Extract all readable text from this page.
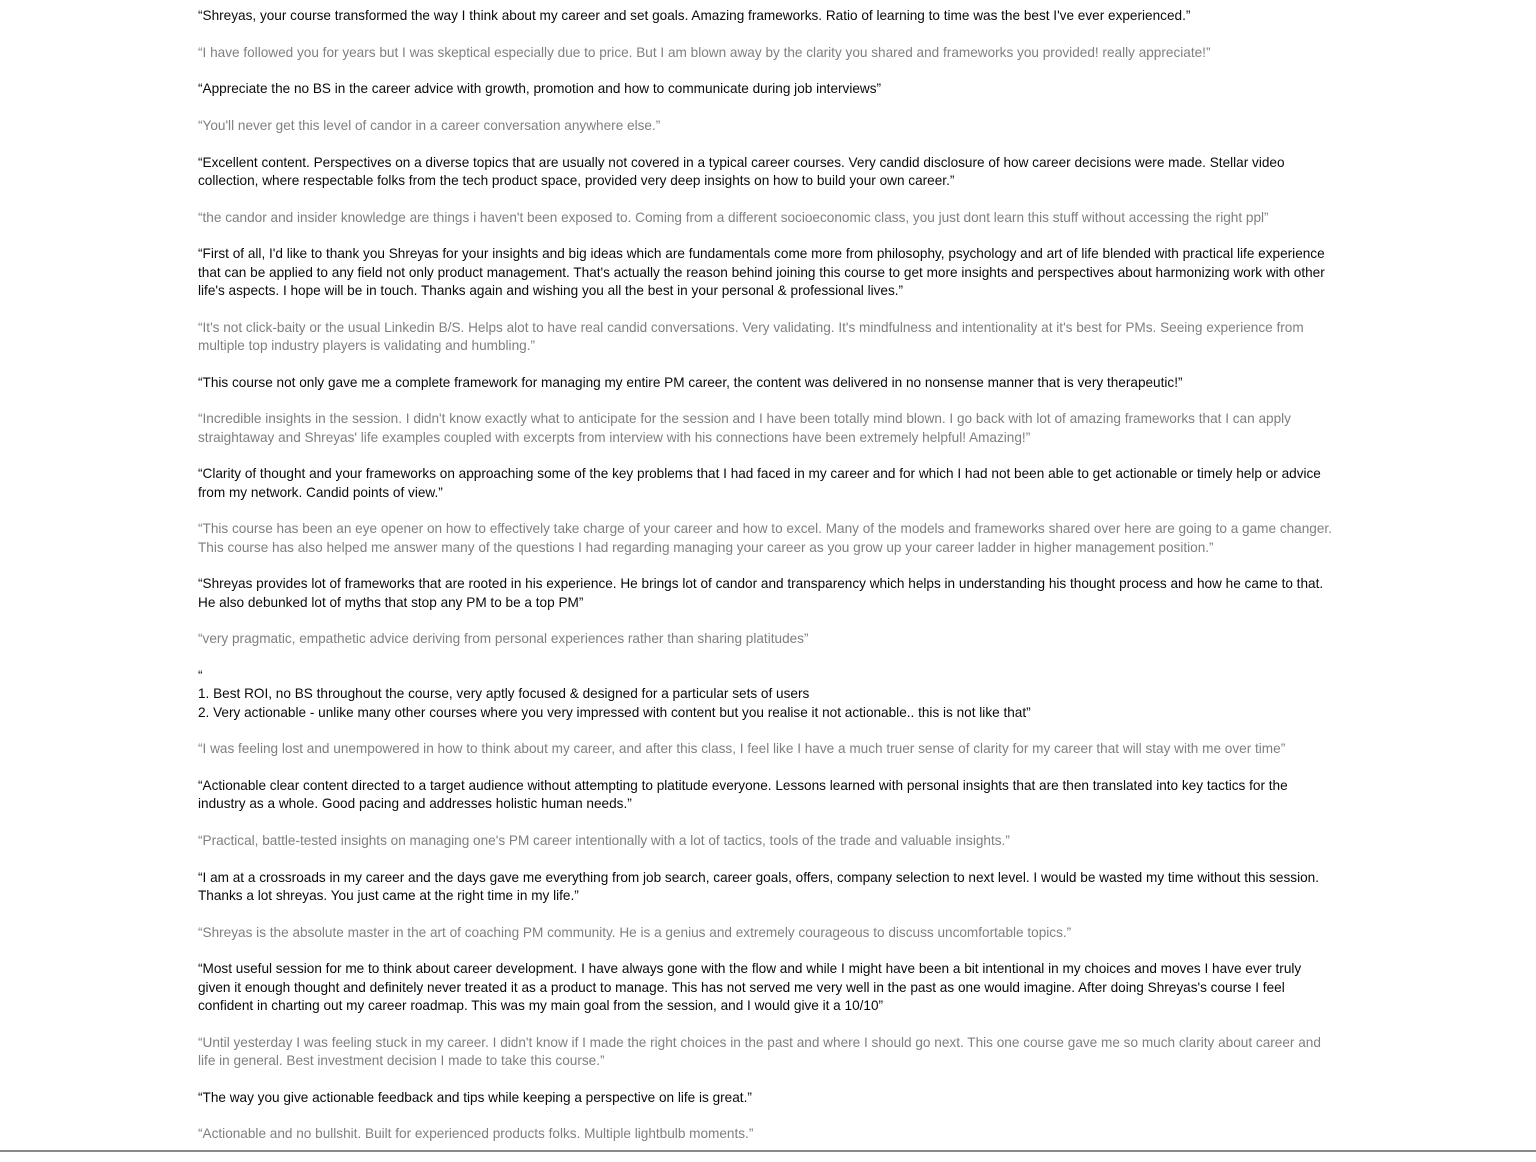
“Shreyas, your course transformed the way I think about my career and set goals. Amazing frameworks. Ratio of learning to time was the best I've ever experienced.”

“I have followed you for years but I was skeptical especially due to price. But I am blown away by the clarity you shared and frameworks you provided! really appreciate!”

“Appreciate the no BS in the career advice with growth, promotion and how to communicate during job interviews”

“You'll never get this level of candor in a career conversation anywhere else.”

“Excellent content. Perspectives on a diverse topics that are usually not covered in a typical career courses. Very candid disclosure of how career decisions were made. Stellar video collection, where respectable folks from the tech product space, provided very deep insights on how to build your own career.”

“the candor and insider knowledge are things i haven't been exposed to. Coming from a different socioeconomic class, you just dont learn this stuff without accessing the right ppl”

“First of all, I'd like to thank you Shreyas for your insights and big ideas which are fundamentals come more from philosophy, psychology and art of life blended with practical life experience that can be applied to any field not only product management. That's actually the reason behind joining this course to get more insights and perspectives about harmonizing work with other life's aspects. I hope will be in touch. Thanks again and wishing you all the best in your personal & professional lives.”

“It's not click-baity or the usual Linkedin B/S. Helps alot to have real candid conversations. Very validating. It's mindfulness and intentionality at it's best for PMs. Seeing experience from multiple top industry players is validating and humbling.”

“This course not only gave me a complete framework for managing my entire PM career, the content was delivered in no nonsense manner that is very therapeutic!”

“Incredible insights in the session. I didn't know exactly what to anticipate for the session and I have been totally mind blown. I go back with lot of amazing frameworks that I can apply straightaway and Shreyas' life examples coupled with excerpts from interview with his connections have been extremely helpful! Amazing!”

“Clarity of thought and your frameworks on approaching some of the key problems that I had faced in my career and for which I had not been able to get actionable or timely help or advice from my network. Candid points of view.”

“This course has been an eye opener on how to effectively take charge of your career and how to excel. Many of the models and frameworks shared over here are going to a game changer. This course has also helped me answer many of the questions I had regarding managing your career as you grow up your career ladder in higher management position.”

“Shreyas provides lot of frameworks that are rooted in his experience. He brings lot of candor and transparency which helps in understanding his thought process and how he came to that. He also debunked lot of myths that stop any PM to be a top PM”

“very pragmatic, empathetic advice deriving from personal experiences rather than sharing platitudes”

“
1. Best ROI, no BS throughout the course, very aptly focused & designed for a particular sets of users
2. Very actionable - unlike many other courses where you very impressed with content but you realise it not actionable.. this is not like that”

“I was feeling lost and unempowered in how to think about my career, and after this class, I feel like I have a much truer sense of clarity for my career that will stay with me over time”

“Actionable clear content directed to a target audience without attempting to platitude everyone. Lessons learned with personal insights that are then translated into key tactics for the industry as a whole. Good pacing and addresses holistic human needs.”

“Practical, battle-tested insights on managing one's PM career intentionally with a lot of tactics, tools of the trade and valuable insights.”

“I am at a crossroads in my career and the days gave me everything from job search, career goals, offers, company selection to next level. I would be wasted my time without this session. Thanks a lot shreyas. You just came at the right time in my life.”

“Shreyas is the absolute master in the art of coaching PM community. He is a genius and extremely courageous to discuss uncomfortable topics.”

“Most useful session for me to think about career development. I have always gone with the flow and while I might have been a bit intentional in my choices and moves I have ever truly given it enough thought and definitely never treated it as a product to manage. This has not served me very well in the past as one would imagine. After doing Shreyas's course I feel confident in charting out my career roadmap. This was my main goal from the session, and I would give it a 10/10”

“Until yesterday I was feeling stuck in my career. I didn't know if I made the right choices in the past and where I should go next. This one course gave me so much clarity about career and life in general. Best investment decision I made to take this course.”

“The way you give actionable feedback and tips while keeping a perspective on life is great.”

“Actionable and no bullshit. Built for experienced products folks. Multiple lightbulb moments.”
